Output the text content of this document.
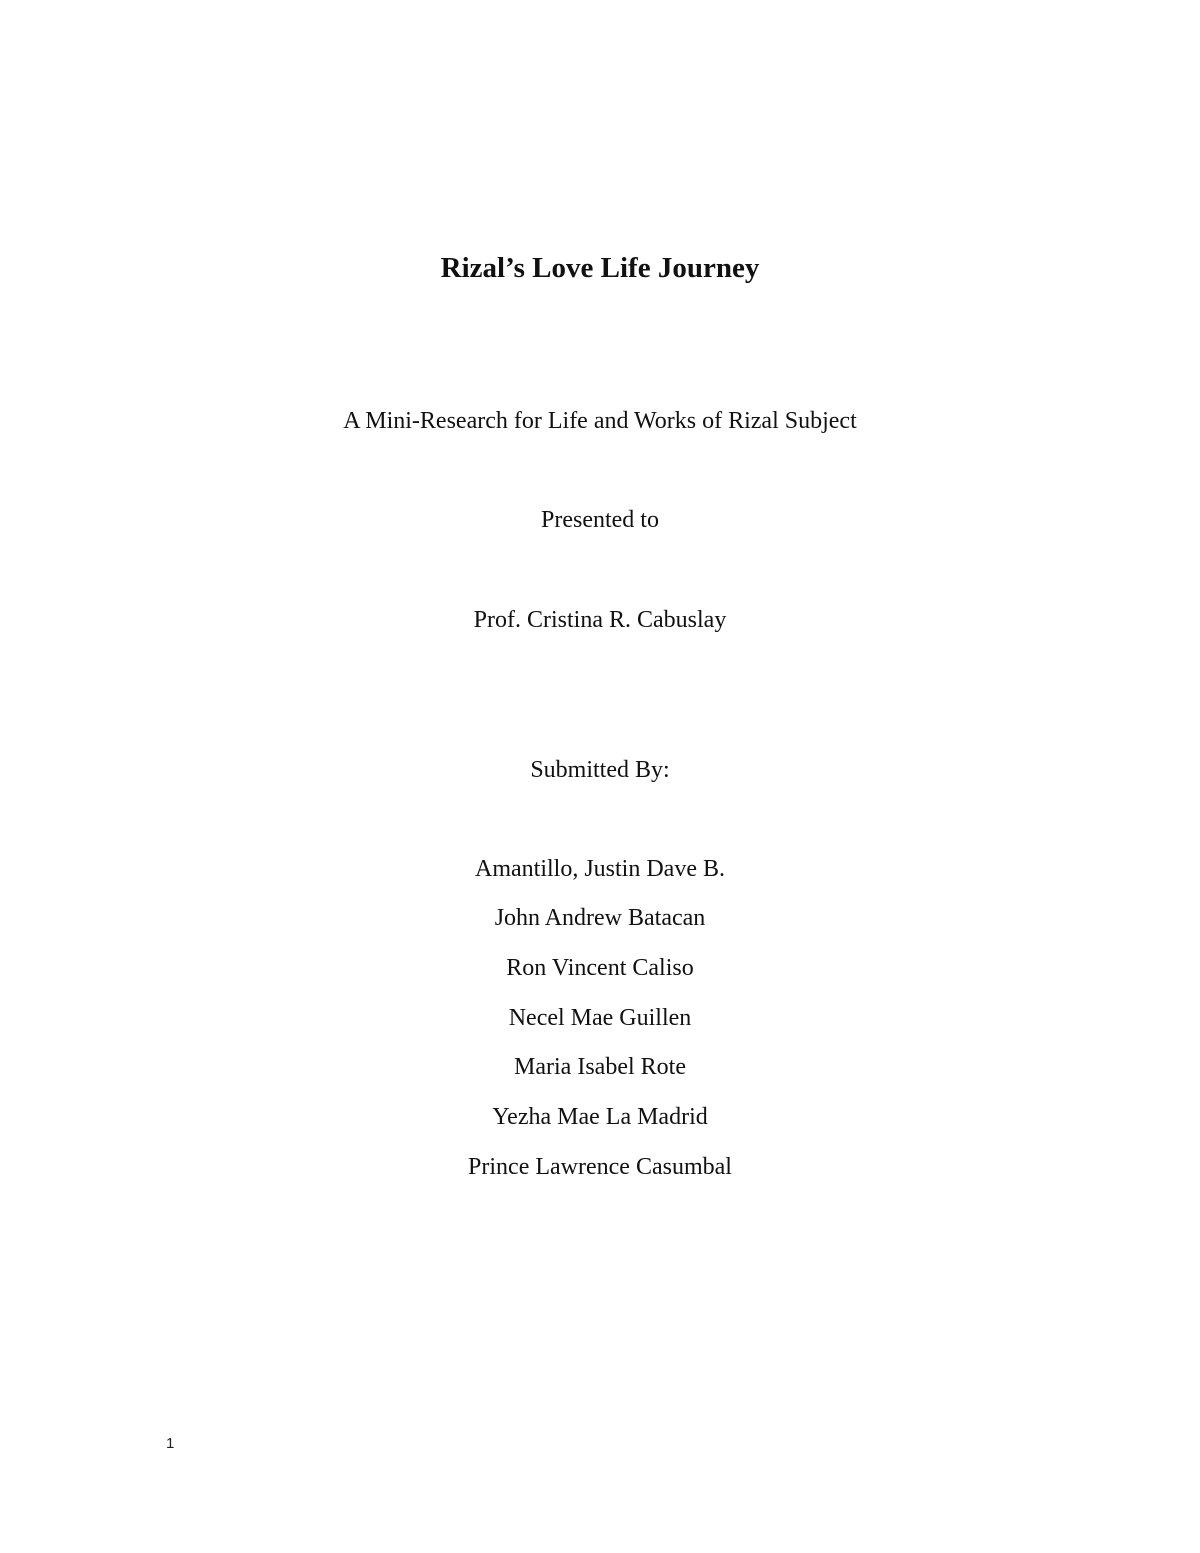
Rizal’s Love Life Journey
A Mini-Research for Life and Works of Rizal Subject
Presented to
Prof. Cristina R. Cabuslay
Submitted By:
Amantillo, Justin Dave B.
John Andrew Batacan
Ron Vincent Caliso
Necel Mae Guillen
Maria Isabel Rote
Yezha Mae La Madrid
Prince Lawrence Casumbal
1
